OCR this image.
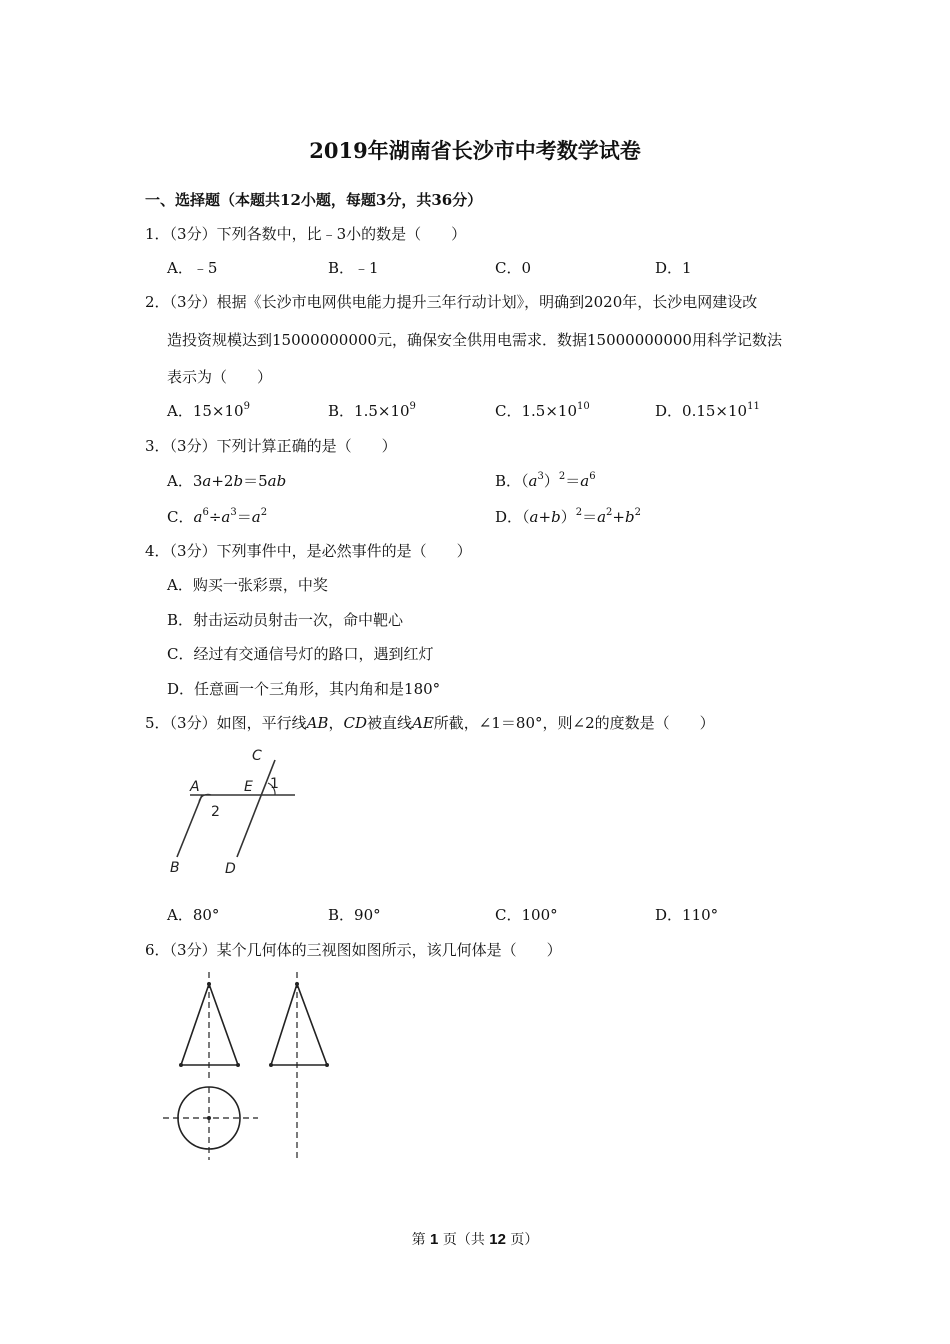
2019年湖南省长沙市中考数学试卷
一、选择题（本题共12小题，每题3分，共36分）
1．（3分）下列各数中，比﹣3小的数是（　　）
A．﹣5	B．﹣1	C．0	D．1
2．（3分）根据《长沙市电网供电能力提升三年行动计划》，明确到2020年，长沙电网建设改
造投资规模达到15000000000元，确保安全供用电需求．数据15000000000用科学记数法
表示为（　　）
A．$15\times 10^9$	B．$1.5\times 10^9$	C．$1.5\times 10^{10}$	D．$0.15\times 10^{11}$
3．（3分）下列计算正确的是（　　）
A．3a+2b＝5ab	B．$(a^3)^2=a^6$
C．$a^6\div a^3=a^2$	D．$(a+b)^2=a^2+b^2$
4．（3分）下列事件中，是必然事件的是（　　）
A．购买一张彩票，中奖
B．射击运动员射击一次，命中靶心
C．经过有交通信号灯的路口，遇到红灯
D．任意画一个三角形，其内角和是180°
5．（3分）如图，平行线AB，CD被直线AE所截，∠1＝80°，则∠2的度数是（　　）
A
B
C
D
E 1
2
A．80°	B．90°	C．100°	D．110°
6．（3分）某个几何体的三视图如图所示，该几何体是（　　）
第 1 页（共 12 页）
